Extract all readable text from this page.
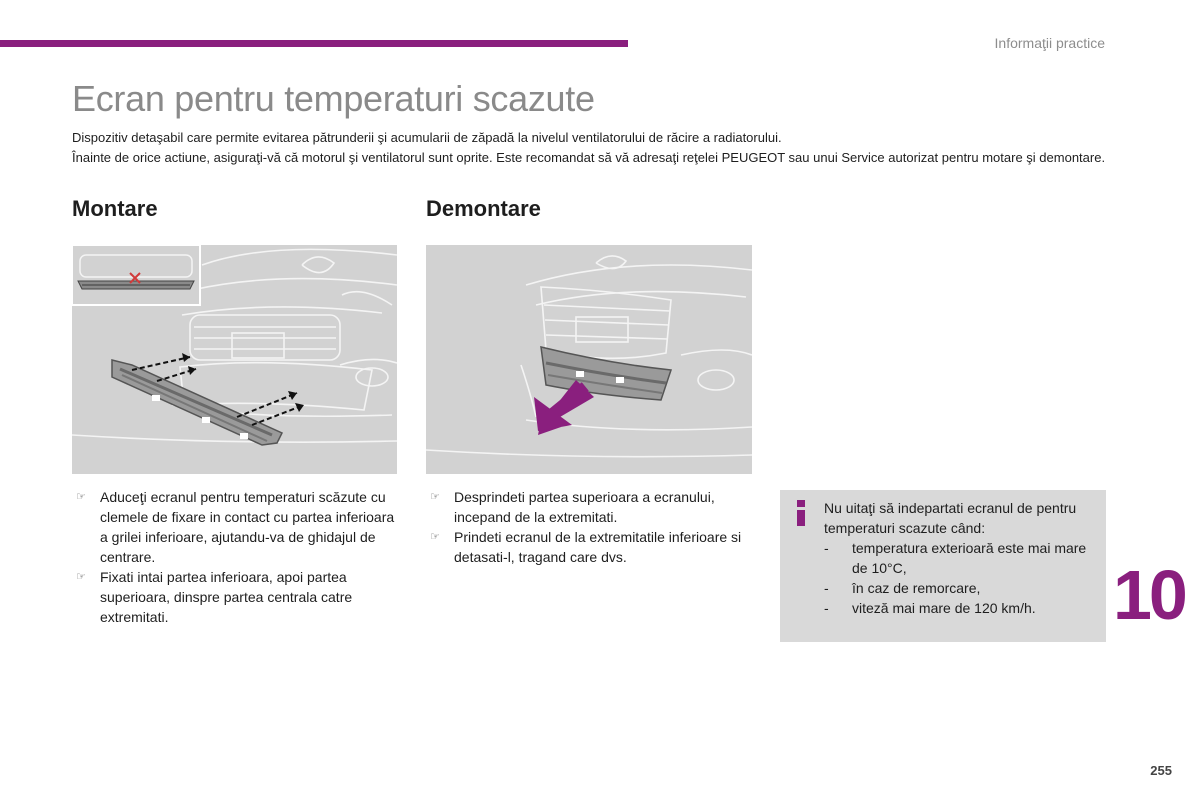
Informaţii practice
Ecran pentru temperaturi scazute

Dispozitiv detaşabil care permite evitarea pătrunderii şi acumularii de zăpadă la nivelul ventilatorului de răcire a radiatorului.

Înainte de orice actiune, asiguraţi-vă că motorul şi ventilatorul sunt oprite. Este recomandat să vă adresaţi reţelei PEUGEOT sau unui Service autorizat pentru motare şi demontare.

Montare	Demontare
☞ Aduceţi ecranul pentru temperaturi scăzute cu clemele de fixare in contact cu partea inferioara a grilei inferioare, ajutandu-va de ghidajul de centrare.
☞ Fixati intai partea inferioara, apoi partea superioara, dinspre partea centrala catre extremitati.
☞ Desprindeti partea superioara a ecranului, incepand de la extremitati.
☞ Prindeti ecranul de la extremitatile inferioare si detasati-l, tragand care dvs.

Nu uitaţi să indepartati ecranul de pentru temperaturi scazute când:

- temperatura exterioară este mai mare de 10°C,
- în caz de remorcare,
- viteză mai mare de 120 km/h.	10
255
